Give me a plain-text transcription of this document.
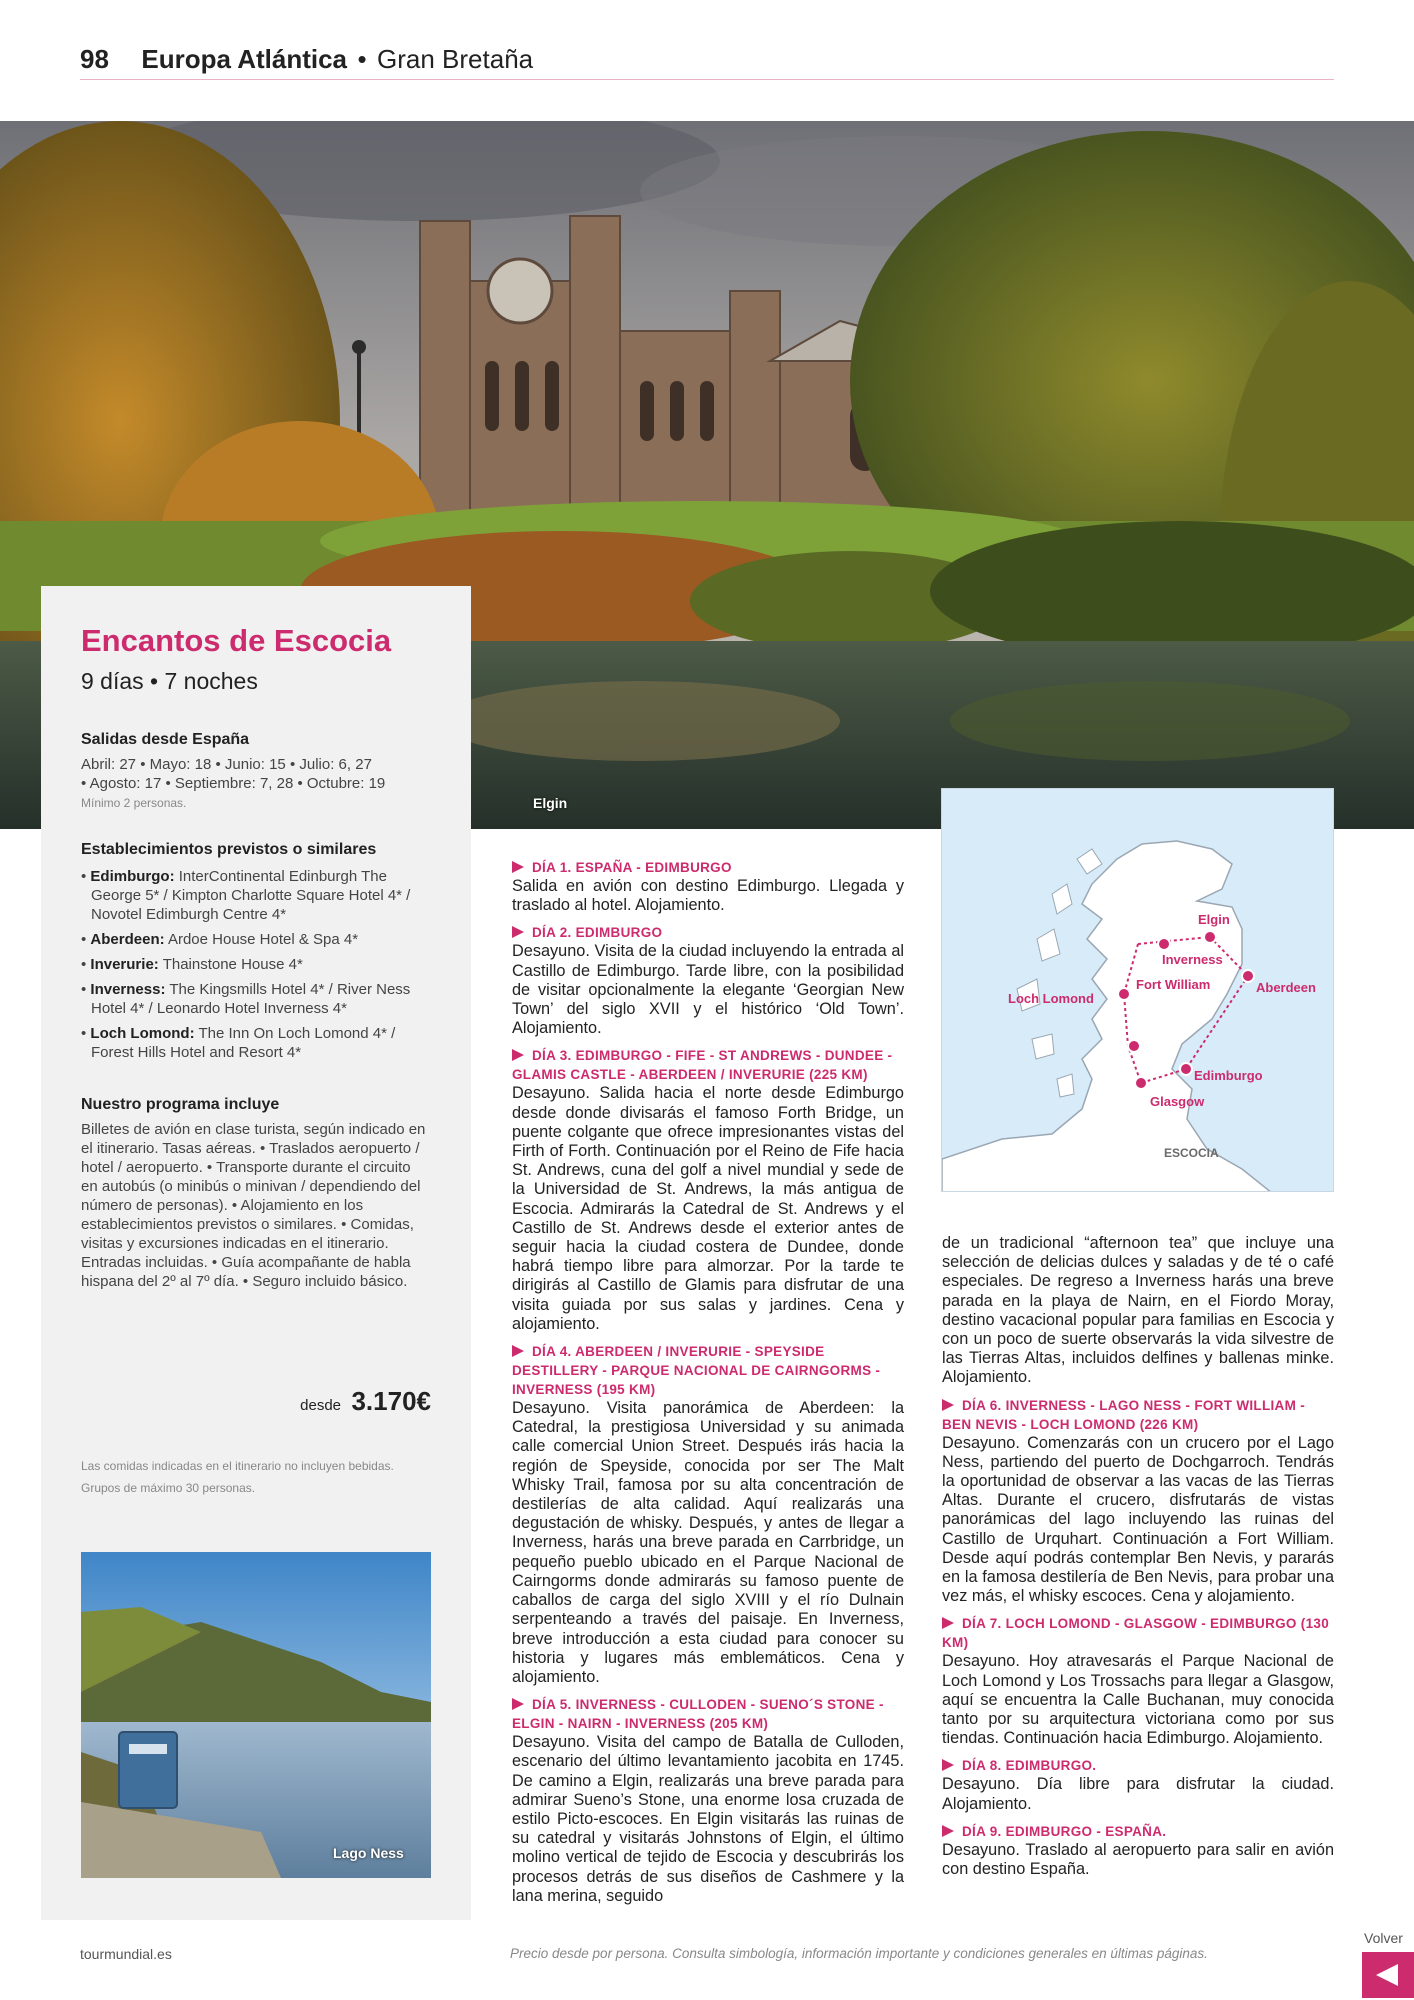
98 Europa Atlántica • Gran Bretaña
Elgin
Encantos de Escocia
9 días • 7 noches
Salidas desde España
Abril: 27 • Mayo: 18 • Junio: 15 • Julio: 6, 27
• Agosto: 17 • Septiembre: 7, 28 • Octubre: 19
Mínimo 2 personas.
Establecimientos previstos o similares
• Edimburgo: InterContinental Edinburgh The George 5* / Kimpton Charlotte Square Hotel 4* / Novotel Edimburgh Centre 4*
• Aberdeen: Ardoe House Hotel & Spa 4*
• Inverurie: Thainstone House 4*
• Inverness: The Kingsmills Hotel 4* / River Ness Hotel 4* / Leonardo Hotel Inverness 4*
• Loch Lomond: The Inn On Loch Lomond 4* / Forest Hills Hotel and Resort 4*
Nuestro programa incluye
Billetes de avión en clase turista, según indicado en el itinerario. Tasas aéreas. • Traslados aeropuerto / hotel / aeropuerto. • Transporte durante el circuito en autobús (o minibús o minivan / dependiendo del número de personas). • Alojamiento en los establecimientos previstos o similares. • Comidas, visitas y excursiones indicadas en el itinerario. Entradas incluidas. • Guía acompañante de habla hispana del 2º al 7º día. • Seguro incluido básico.
desde 3.170€
Las comidas indicadas en el itinerario no incluyen bebidas.
Grupos de máximo 30 personas.
Lago Ness
DÍA 1. ESPAÑA - EDIMBURGO
Salida en avión con destino Edimburgo. Llegada y traslado al hotel. Alojamiento.
DÍA 2. EDIMBURGO
Desayuno. Visita de la ciudad incluyendo la entrada al Castillo de Edimburgo. Tarde libre, con la posibilidad de visitar opcionalmente la elegante ‘Georgian New Town’ del siglo XVII y el histórico ‘Old Town’. Alojamiento.
DÍA 3. EDIMBURGO - FIFE - ST ANDREWS - DUNDEE - GLAMIS CASTLE - ABERDEEN / INVERURIE (225 KM)
Desayuno. Salida hacia el norte desde Edimburgo desde donde divisarás el famoso Forth Bridge, un puente colgante que ofrece impresionantes vistas del Firth of Forth. Continuación por el Reino de Fife hacia St. Andrews, cuna del golf a nivel mundial y sede de la Universidad de St. Andrews, la más antigua de Escocia. Admirarás la Catedral de St. Andrews y el Castillo de St. Andrews desde el exterior antes de seguir hacia la ciudad costera de Dundee, donde habrá tiempo libre para almorzar. Por la tarde te dirigirás al Castillo de Glamis para disfrutar de una visita guiada por sus salas y jardines. Cena y alojamiento.
DÍA 4. ABERDEEN / INVERURIE - SPEYSIDE DESTILLERY - PARQUE NACIONAL DE CAIRNGORMS - INVERNESS (195 KM)
Desayuno. Visita panorámica de Aberdeen: la Catedral, la prestigiosa Universidad y su animada calle comercial Union Street. Después irás hacia la región de Speyside, conocida por ser The Malt Whisky Trail, famosa por su alta concentración de destilerías de alta calidad. Aquí realizarás una degustación de whisky. Después, y antes de llegar a Inverness, harás una breve parada en Carrbridge, un pequeño pueblo ubicado en el Parque Nacional de Cairngorms donde admirarás su famoso puente de caballos de carga del siglo XVIII y el río Dulnain serpenteando a través del paisaje. En Inverness, breve introducción a esta ciudad para conocer su historia y lugares más emblemáticos. Cena y alojamiento.
DÍA 5. INVERNESS - CULLODEN - SUENO´S STONE - ELGIN - NAIRN - INVERNESS (205 KM)
Desayuno. Visita del campo de Batalla de Culloden, escenario del último levantamiento jacobita en 1745. De camino a Elgin, realizarás una breve parada para admirar Sueno’s Stone, una enorme losa cruzada de estilo Picto-escoces. En Elgin visitarás las ruinas de su catedral y visitarás Johnstons of Elgin, el último molino vertical de tejido de Escocia y descubrirás los procesos detrás de sus diseños de Cashmere y la lana merina, seguido
Elgin
Inverness
Aberdeen
Fort William
Loch Lomond
Edimburgo
Glasgow
ESCOCIA
de un tradicional “afternoon tea” que incluye una selección de delicias dulces y saladas y de té o café especiales. De regreso a Inverness harás una breve parada en la playa de Nairn, en el Fiordo Moray, destino vacacional popular para familias en Escocia y con un poco de suerte observarás la vida silvestre de las Tierras Altas, incluidos delfines y ballenas minke. Alojamiento.
DÍA 6. INVERNESS - LAGO NESS - FORT WILLIAM - BEN NEVIS - LOCH LOMOND (226 KM)
Desayuno. Comenzarás con un crucero por el Lago Ness, partiendo del puerto de Dochgarroch. Tendrás la oportunidad de observar a las vacas de las Tierras Altas. Durante el crucero, disfrutarás de vistas panorámicas del lago incluyendo las ruinas del Castillo de Urquhart. Continuación a Fort William. Desde aquí podrás contemplar Ben Nevis, y pararás en la famosa destilería de Ben Nevis, para probar una vez más, el whisky escoces. Cena y alojamiento.
DÍA 7. LOCH LOMOND - GLASGOW - EDIMBURGO (130 KM)
Desayuno. Hoy atravesarás el Parque Nacional de Loch Lomond y Los Trossachs para llegar a Glasgow, aquí se encuentra la Calle Buchanan, muy conocida tanto por su arquitectura victoriana como por sus tiendas. Continuación hacia Edimburgo. Alojamiento.
DÍA 8. EDIMBURGO.
Desayuno. Día libre para disfrutar la ciudad. Alojamiento.
DÍA 9. EDIMBURGO - ESPAÑA.
Desayuno. Traslado al aeropuerto para salir en avión con destino España.
tourmundial.es	Precio desde por persona. Consulta simbología, información importante y condiciones generales en últimas páginas.
Volver
